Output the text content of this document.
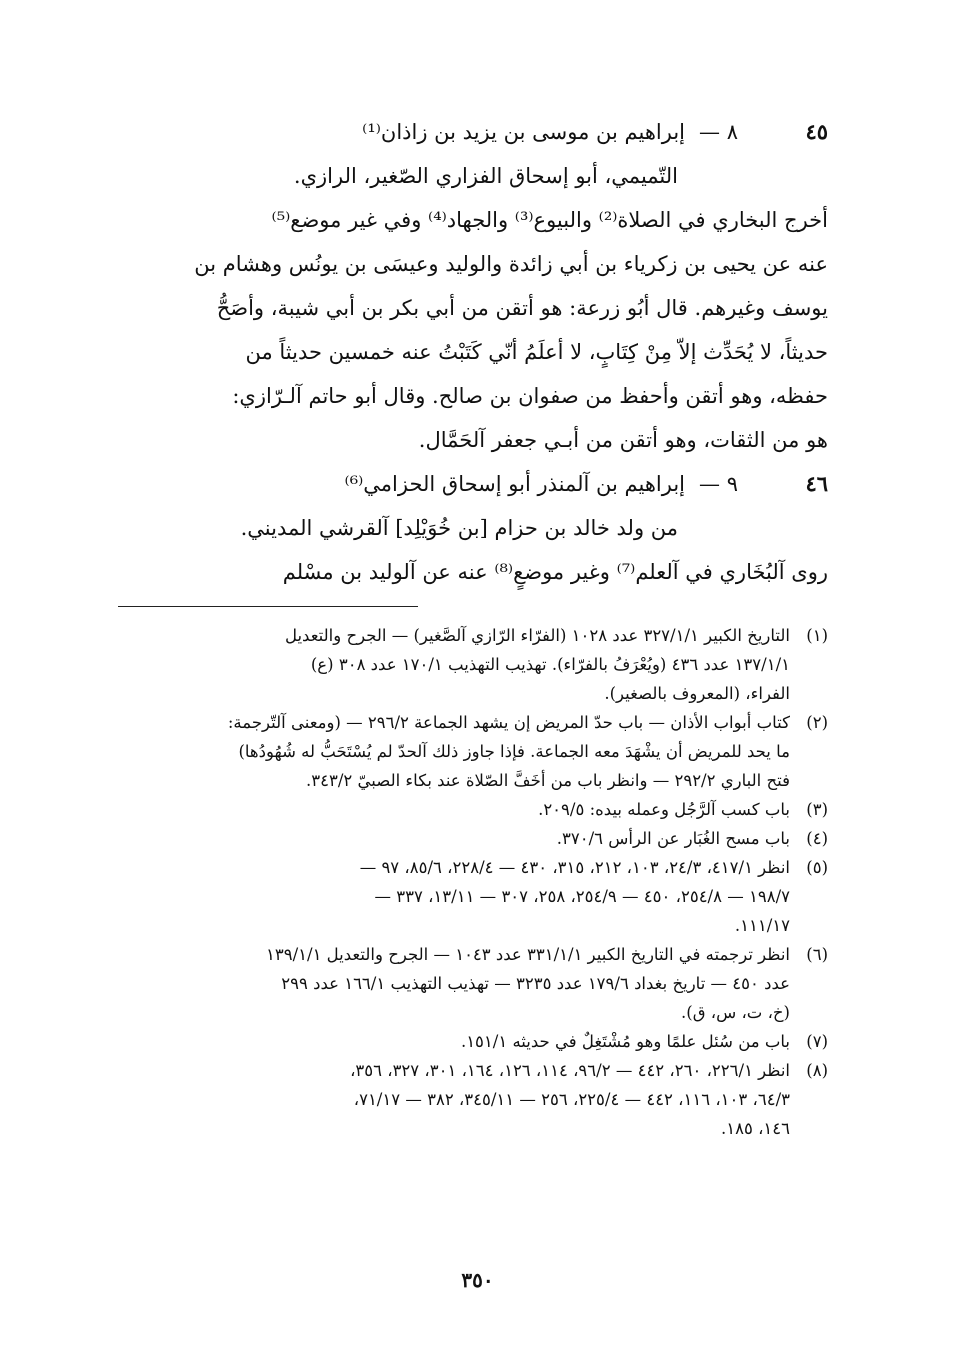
٤٥
٨ —
إبراهيم بن موسى بن يزيد بن زاذان⁽¹⁾
التّميمي، أبو إسحاق الفزاري الصّغير، الرازي.
أخرج البخاري في الصلاة⁽²⁾ والبيوع⁽³⁾ والجهاد⁽⁴⁾ وفي غير موضع⁽⁵⁾
عنه عن يحيى بن زكرياء بن أبي زائدة والوليد وعيسَى بن يونُس وهشام بن
يوسف وغيرهم. قال أبُو زرعة: هو أتقن من أبي بكر بن أبي شيبة، وأصَحُّ
حديثاً، لا يُحَدِّث إلاّ مِنْ كِتَابٍ، لا أعلَمُ أنّي كَتَبْتُ عنه خمسين حديثاً من
حفظه، وهو أتقن وأحفظ من صفوان بن صالح. وقال أبو حاتم آلـرّازي:
هو من الثقات، وهو أتقن من أبـي جعفر آلحَمَّال.
٤٦
٩ —
إبراهيم بن آلمنذر أبو إسحاق الحزامي⁽⁶⁾
من ولد خالد بن حزام [بن خُوَيْلِد] آلقرشي المديني.
روى آلبُخَاري في آلعلم⁽⁷⁾ وغير موضعٍ⁽⁸⁾ عنه عن آلوليد بن مسْلم
(١)
التاريخ الكبير ٣٢٧/١/١ عدد ١٠٢٨ (الفرّاء الرّازي آلصَّغير) — الجرح والتعديل
١٣٧/١/١ عدد ٤٣٦ (ويُعْرَفُ بالفرّاء). تهذيب التهذيب ١٧٠/١ عدد ٣٠٨ (ع)
الفراء، (المعروف بالصغير).
(٢)
كتاب أبواب الأذان — باب حدّ المريض إن يشهد الجماعة ٢٩٦/٢ — (ومعنى آلتّرجمة:
ما يحد للمريض أن يشْهَدَ معه الجماعة. فإذا جاوز ذلك آلحدّ لم يُسْتَحَبُّ له شُهُودُها)
فتح الباري ٢٩٢/٢ — وانظر باب من أخَفَّ الصّلاة عند بكاء الصبيّ ٣٤٣/٢.
(٣)
باب كسب آلرَّجُل وعمله بيده: ٢٠٩/٥.
(٤)
باب مسح الغُبَار عن الرأس ٣٧٠/٦.
(٥)
انظر ٤١٧/١، ٢٤/٣، ١٠٣، ٢١٢، ٣١٥، ٤٣٠ — ٢٢٨/٤، ٨٥/٦، ٩٧ —
١٩٨/٧ — ٢٥٤/٨، ٤٥٠ — ٢٥٤/٩، ٢٥٨، ٣٠٧ — ١٣/١١، ٣٣٧ —
١١١/١٧.
(٦)
انظر ترجمته في التاريخ الكبير ٣٣١/١/١ عدد ١٠٤٣ — الجرح والتعديل ١٣٩/١/١
عدد ٤٥٠ — تاريخ بغداد ١٧٩/٦ عدد ٣٢٣٥ — تهذيب التهذيب ١٦٦/١ عدد ٢٩٩
(خ، ت، س، ق).
(٧)
باب من سُئل علمًا وهو مُشْتَغِلٌ في حديثه ١٥١/١.
(٨)
انظر ٢٢٦/١، ٢٦٠، ٤٤٢ — ٩٦/٢، ١١٤، ١٢٦، ١٦٤، ٣٠١، ٣٢٧، ٣٥٦،
٦٤/٣، ١٠٣، ١١٦، ٤٤٢ — ٢٢٥/٤، ٢٥٦ — ٣٤٥/١١، ٣٨٢ — ٧١/١٧،
١٤٦، ١٨٥.
٣٥٠
